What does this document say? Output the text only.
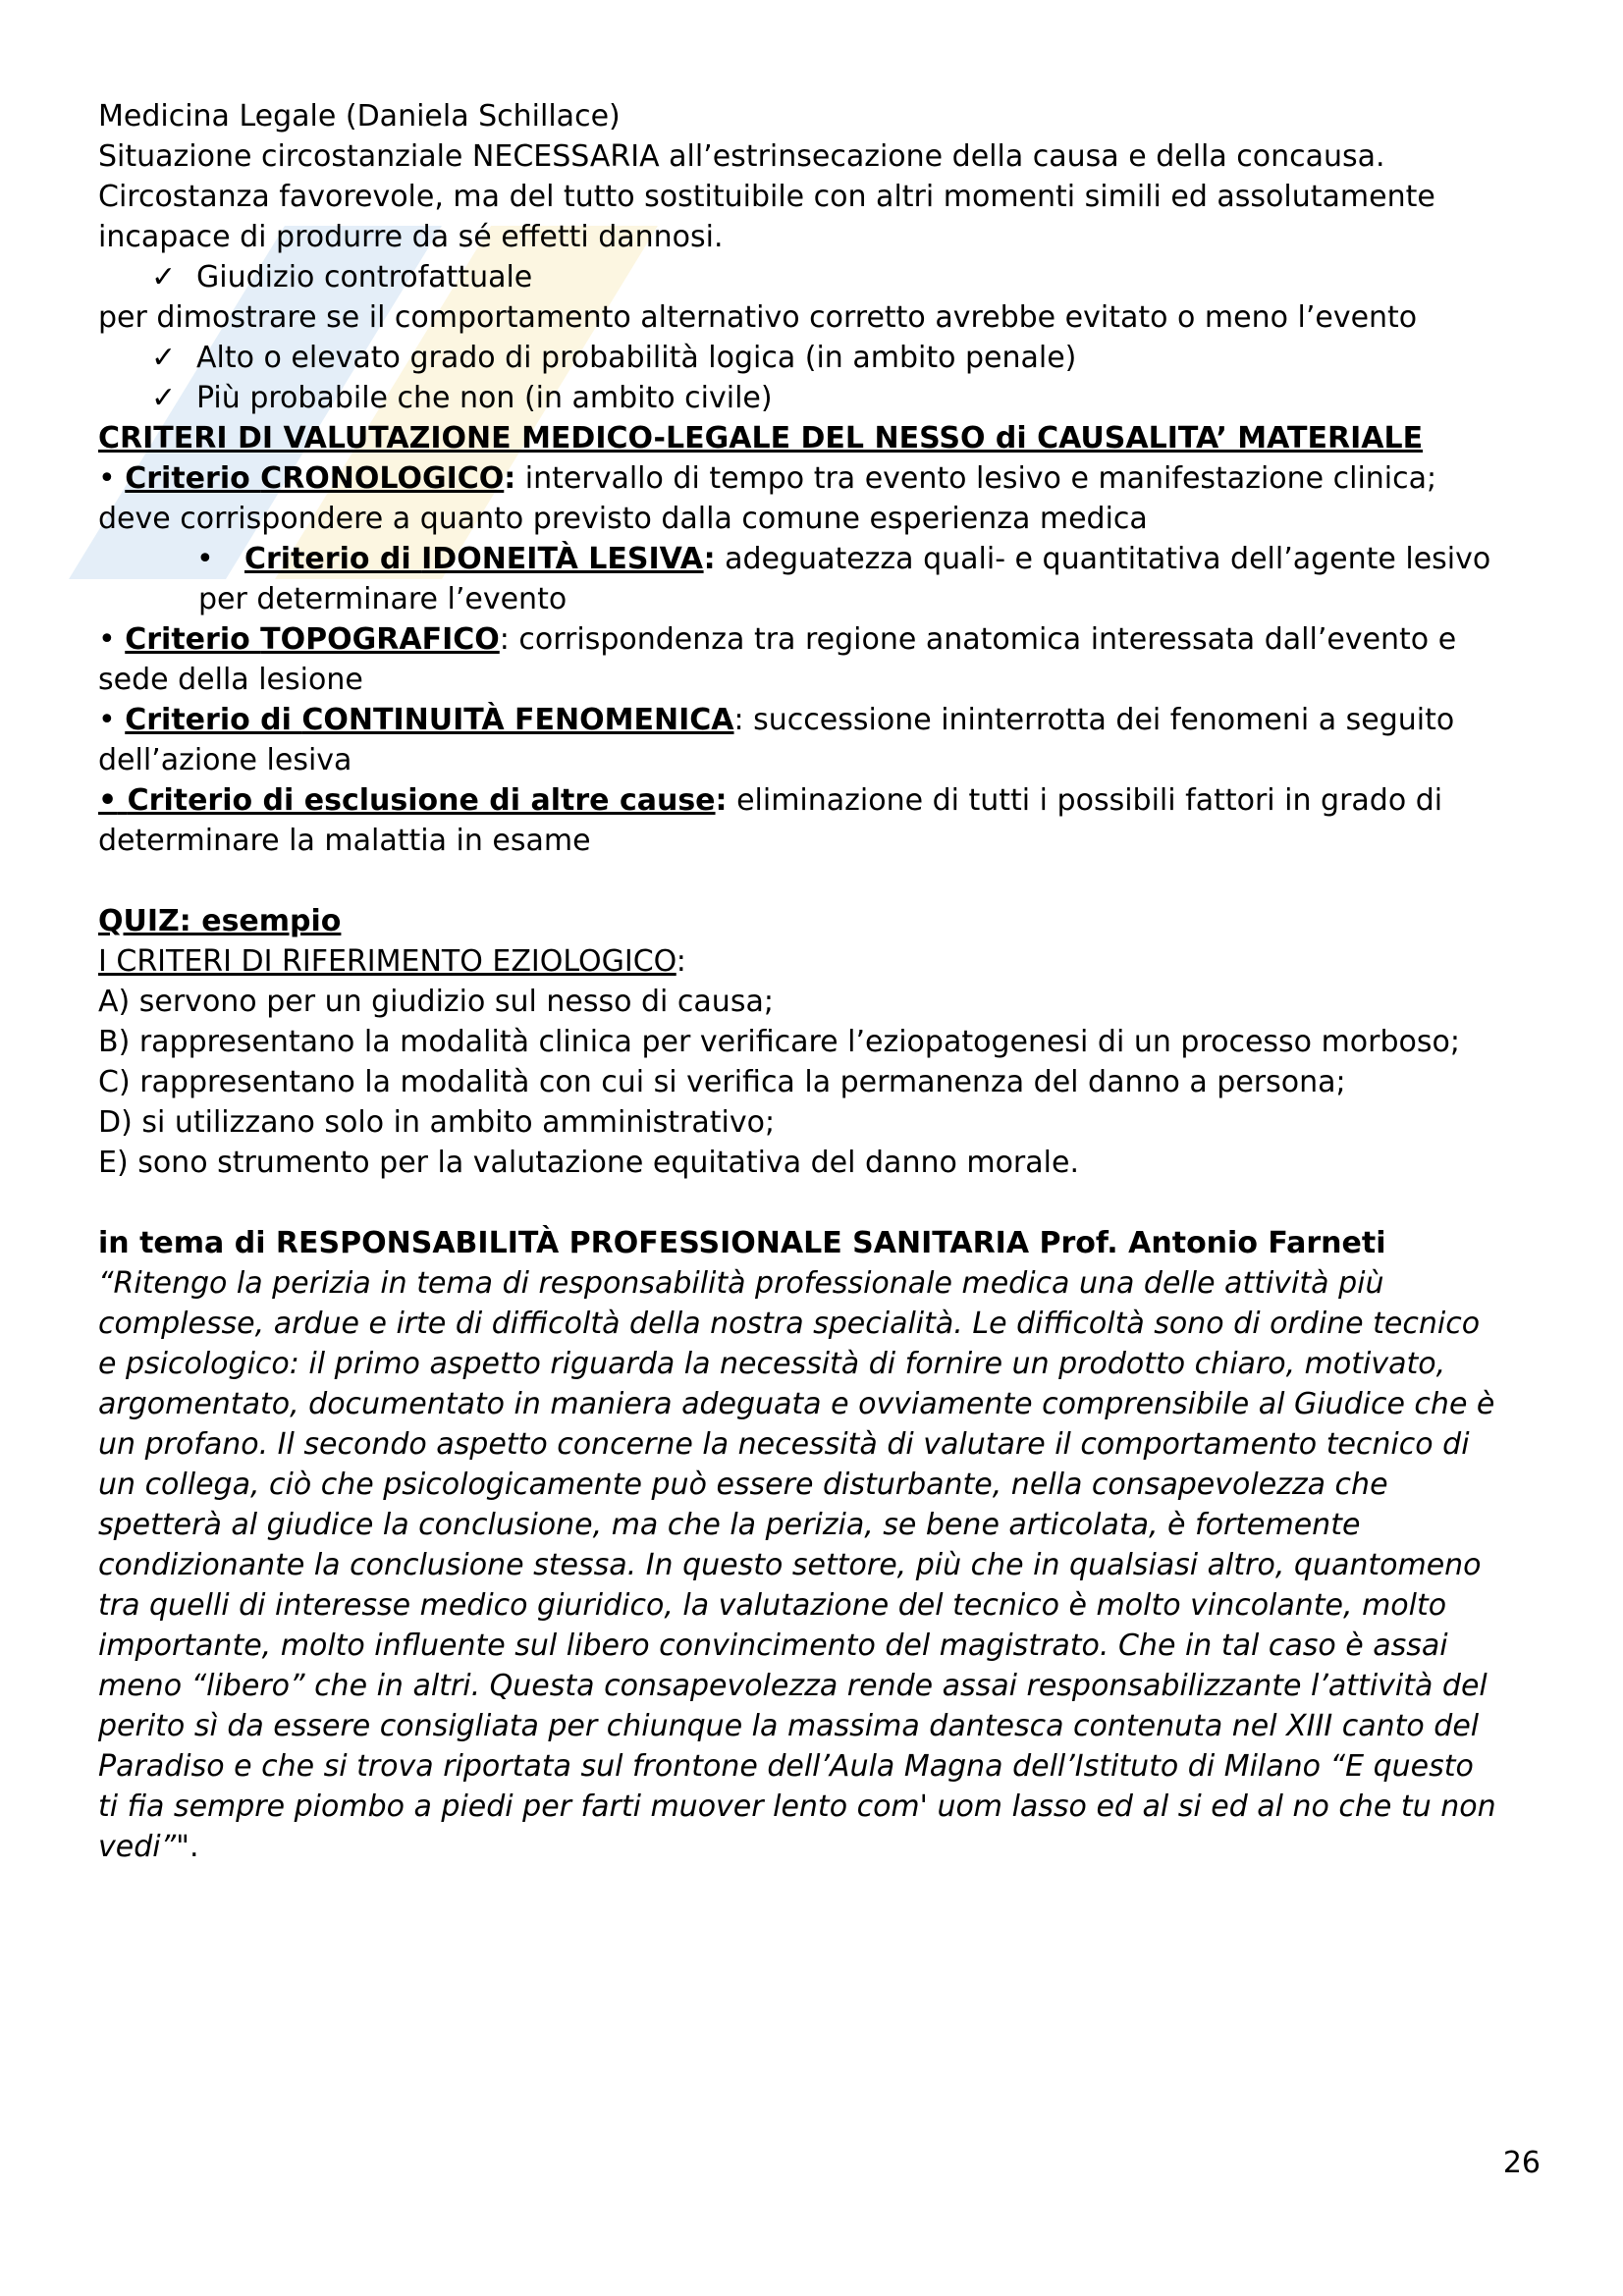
Medicina Legale (Daniela Schillace)
Situazione circostanziale NECESSARIA all’estrinsecazione della causa e della concausa.
Circostanza favorevole, ma del tutto sostituibile con altri momenti simili ed assolutamente
incapace di produrre da sé effetti dannosi.
✓ Giudizio controfattuale
per dimostrare se il comportamento alternativo corretto avrebbe evitato o meno l’evento
✓ Alto o elevato grado di probabilità logica (in ambito penale)
✓ Più probabile che non (in ambito civile)
CRITERI DI VALUTAZIONE MEDICO-LEGALE DEL NESSO di CAUSALITA’ MATERIALE
• Criterio CRONOLOGICO: intervallo di tempo tra evento lesivo e manifestazione clinica;
deve corrispondere a quanto previsto dalla comune esperienza medica
• Criterio di IDONEITÀ LESIVA: adeguatezza quali- e quantitativa dell’agente lesivo
per determinare l’evento
• Criterio TOPOGRAFICO: corrispondenza tra regione anatomica interessata dall’evento e
sede della lesione
• Criterio di CONTINUITÀ FENOMENICA: successione ininterrotta dei fenomeni a seguito
dell’azione lesiva
• Criterio di esclusione di altre cause: eliminazione di tutti i possibili fattori in grado di
determinare la malattia in esame
QUIZ: esempio
I CRITERI DI RIFERIMENTO EZIOLOGICO:
A) servono per un giudizio sul nesso di causa;
B) rappresentano la modalità clinica per verificare l’eziopatogenesi di un processo morboso;
C) rappresentano la modalità con cui si verifica la permanenza del danno a persona;
D) si utilizzano solo in ambito amministrativo;
E) sono strumento per la valutazione equitativa del danno morale.
in tema di RESPONSABILITÀ PROFESSIONALE SANITARIA Prof. Antonio Farneti
“Ritengo la perizia in tema di responsabilità professionale medica una delle attività più
complesse, ardue e irte di difficoltà della nostra specialità. Le difficoltà sono di ordine tecnico
e psicologico: il primo aspetto riguarda la necessità di fornire un prodotto chiaro, motivato,
argomentato, documentato in maniera adeguata e ovviamente comprensibile al Giudice che è
un profano. Il secondo aspetto concerne la necessità di valutare il comportamento tecnico di
un collega, ciò che psicologicamente può essere disturbante, nella consapevolezza che
spetterà al giudice la conclusione, ma che la perizia, se bene articolata, è fortemente
condizionante la conclusione stessa. In questo settore, più che in qualsiasi altro, quantomeno
tra quelli di interesse medico giuridico, la valutazione del tecnico è molto vincolante, molto
importante, molto influente sul libero convincimento del magistrato. Che in tal caso è assai
meno “libero” che in altri. Questa consapevolezza rende assai responsabilizzante l’attività del
perito sì da essere consigliata per chiunque la massima dantesca contenuta nel XIII canto del
Paradiso e che si trova riportata sul frontone dell’Aula Magna dell’Istituto di Milano “E questo
ti fia sempre piombo a piedi per farti muover lento com' uom lasso ed al si ed al no che tu non
vedi”".
26
